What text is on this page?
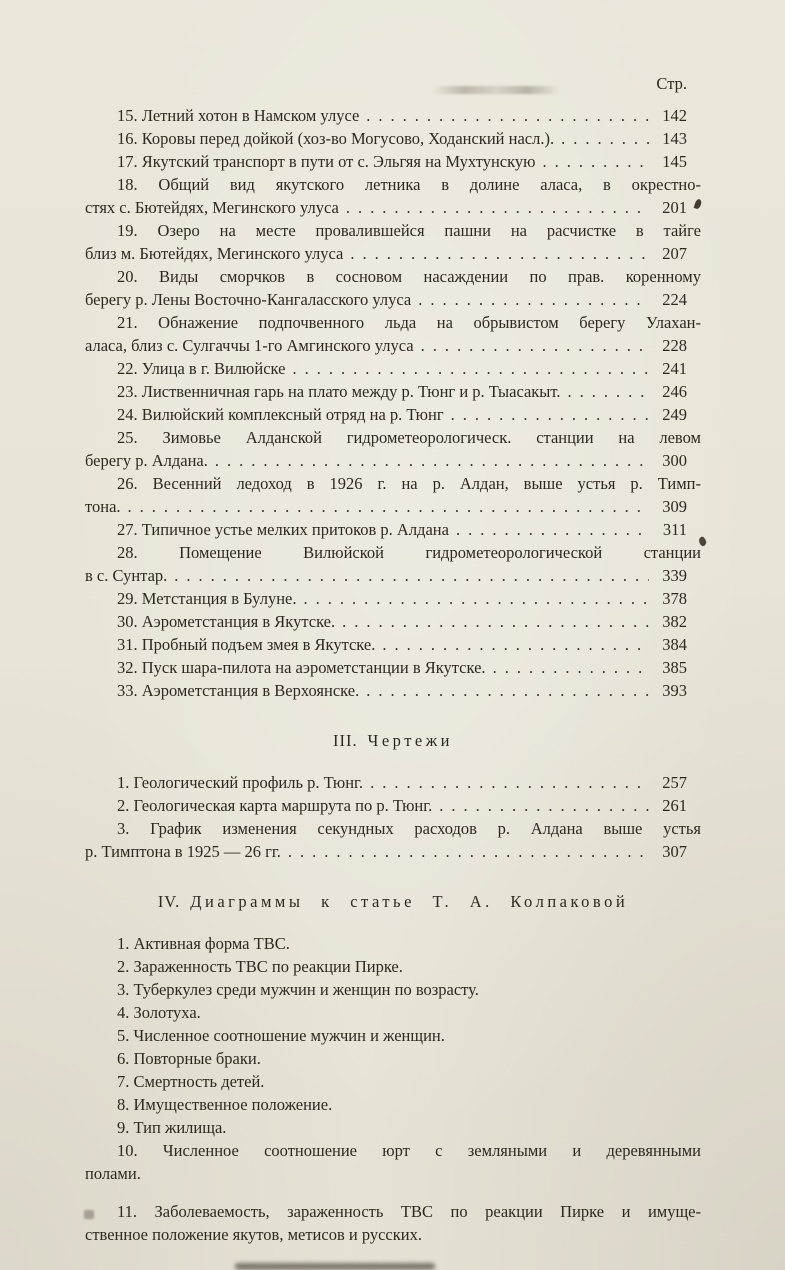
Стр.
15. Летний хотон в Намском улусе .....	142
16. Коровы перед дойкой (хоз-во Могусово, Ходанский насл.). .....	143
17. Якутский транспорт в пути от с. Эльгяя на Мухтунскую .....	145
18. Общий вид якутского летника в долине аласа, в окрестно-
стях с. Бютейдях, Мегинского улуса .....	201
19. Озеро на месте провалившейся пашни на расчистке в тайге
близ м. Бютейдях, Мегинского улуса .....	207
20. Виды сморчков в сосновом насаждении по прав. коренному
берегу р. Лены Восточно-Кангаласского улуса .....	224
21. Обнажение подпочвенного льда на обрывистом берегу Улахан-
аласа, близ с. Сулгаччы 1-го Амгинского улуса .....	228
22. Улица в г. Вилюйске .....	241
23. Лиственничная гарь на плато между р. Тюнг и р. Тыасакыт. .....	246
24. Вилюйский комплексный отряд на р. Тюнг .....	249
25. Зимовье Алданской гидрометеорологическ. станции на левом
берегу р. Алдана. .....	300
26. Весенний ледоход в 1926 г. на р. Алдан, выше устья р. Тимп-
тона. .....	309
27. Типичное устье мелких притоков р. Алдана .....	311
28. Помещение Вилюйской гидрометеорологической станции
в с. Сунтар. .....	339
29. Метстанция в Булуне. .....	378
30. Аэрометстанция в Якутске. .....	382
31. Пробный подъем змея в Якутске. .....	384
32. Пуск шара-пилота на аэрометстанции в Якутске. .....	385
33. Аэрометстанция в Верхоянске. .....	393
III. Чертежи
1. Геологический профиль р. Тюнг. .....	257
2. Геологическая карта маршрута по р. Тюнг. .....	261
3. График изменения секундных расходов р. Алдана выше устья
р. Тимптона в 1925 — 26 гг. .....	307
IV. Диаграммы к статье Т. А. Колпаковой
1. Активная форма ТВС.
2. Зараженность ТВС по реакции Пирке.
3. Туберкулез среди мужчин и женщин по возрасту.
4. Золотуха.
5. Численное соотношение мужчин и женщин.
6. Повторные браки.
7. Смертность детей.
8. Имущественное положение.
9. Тип жилища.
10. Численное соотношение юрт с земляными и деревянными
полами.
11. Заболеваемость, зараженность ТВС по реакции Пирке и имуще-
ственное положение якутов, метисов и русских.
